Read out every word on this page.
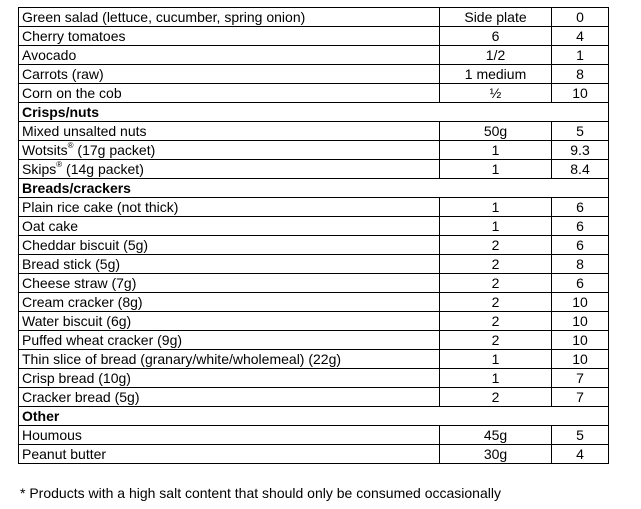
Green salad (lettuce, cucumber, spring onion)	Side plate	0
Cherry tomatoes	6	4
Avocado	1/2	1
Carrots (raw)	1 medium	8
Corn on the cob	½	10
Crisps/nuts		
Mixed unsalted nuts	50g	5
Wotsits® (17g packet)	1	9.3
Skips® (14g packet)	1	8.4
Breads/crackers		
Plain rice cake (not thick)	1	6
Oat cake	1	6
Cheddar biscuit (5g)	2	6
Bread stick (5g)	2	8
Cheese straw (7g)	2	6
Cream cracker (8g)	2	10
Water biscuit (6g)	2	10
Puffed wheat cracker (9g)	2	10
Thin slice of bread (granary/white/wholemeal) (22g)	1	10
Crisp bread (10g)	1	7
Cracker bread (5g)	2	7
Other		
Houmous	45g	5
Peanut butter	30g	4
* Products with a high salt content that should only be consumed occasionally
